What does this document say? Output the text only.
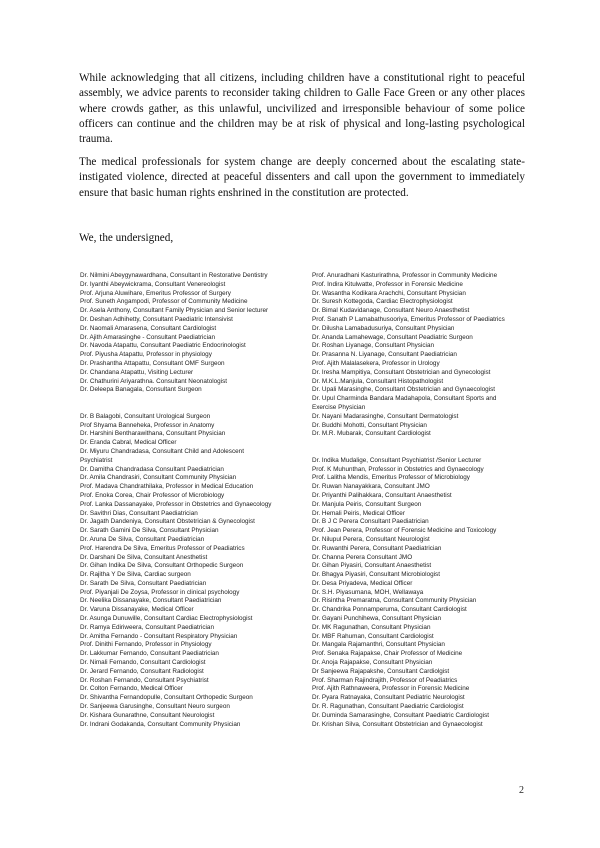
While acknowledging that all citizens, including children have a constitutional right to peaceful assembly, we advice parents to reconsider taking children to Galle Face Green or any other places where crowds gather, as this unlawful, uncivilized and irresponsible behaviour of some police officers can continue and the children may be at risk of physical and long-lasting psychological trauma.

The medical professionals for system change are deeply concerned about the escalating state-instigated violence, directed at peaceful dissenters and call upon the government to immediately ensure that basic human rights enshrined in the constitution are protected.

We, the undersigned,

Dr. Nilmini Abeygynawardhana, Consultant in Restorative Dentistry
Dr. Iyanthi Abeywickrama, Consultant Venereologist
Prof. Arjuna Aluwihare, Emeritus Professor of Surgery
Prof. Suneth Angampodi, Professor of Community Medicine
Dr. Asela Anthony, Consultant Family Physician and Senior lecturer
Dr. Deshan Adhihetty, Consultant Paediatric Intensivist
Dr. Naomali Amarasena, Consultant Cardiologist
Dr. Ajith Amarasinghe - Consultant Paediatrician
Dr. Navoda Atapattu, Consultant Paediatric Endocrinologist
Prof. Piyusha Atapattu, Professor in physiology
Dr. Prashantha Attapattu, Consultant OMF Surgeon
Dr. Chandana Atapattu, Visiting Lecturer
Dr. Chathurini Ariyarathna. Consultant Neonatologist
Dr. Deleepa Banagala, Consultant Surgeon
Dr. B Balagobi, Consultant Urological Surgeon
Prof Shyama Banneheka, Professor in Anatomy
Dr. Harshini Bentharawithana, Consultant Physician
Dr. Eranda Cabral, Medical Officer
Dr. Miyuru Chandradasa, Consultant Child and Adolescent
Psychiatrist
Dr. Damitha Chandradasa Consultant Paediatrician
Dr. Amila Chandrasiri, Consultant Community Physician
Prof. Madava Chandrathilaka, Professor in Medical Education
Prof. Enoka Corea, Chair Professor of Microbiology
Prof. Lanka Dassanayake, Professor in Obstetrics and Gynaecology
Dr. Savithri Dias, Consultant Paediatrician
Dr. Jagath Dandeniya, Consultant Obstetrician & Gynecologist
Dr. Sarath Gamini De Silva, Consultant Physician
Dr. Aruna De Silva, Consultant Paediatrician
Prof. Harendra De Silva, Emeritus Professor of Peadiatrics
Dr. Darshani De Silva, Consultant Anesthetist
Dr. Gihan Indika De Silva, Consultant Orthopedic Surgeon
Dr. Rajitha Y De Silva, Cardiac surgeon
Dr. Sarath De Silva, Consultant Paediatrician
Prof. Piyanjali De Zoysa, Professor in clinical psychology
Dr. Neelika Dissanayake, Consultant Paediatrician
Dr. Varuna Dissanayake, Medical Officer
Dr. Asunga Dunuwille, Consultant Cardiac Electrophysiologist
Dr. Ramya Ediriweera, Consultant Paediatrician
Dr. Amitha Fernando - Consultant Respiratory Physician
Prof. Dinithi Fernando, Professor in Physiology
Dr. Lakkumar Fernando, Consultant Paediatrician
Dr. Nimali Fernando, Consultant Cardiologist
Dr. Jerard Fernando, Consultant Radiologist
Dr. Roshan Fernando, Consultant Psychiatrist
Dr. Colton Fernando, Medical Officer
Dr. Shivantha Fernandopulle, Consultant Orthopedic Surgeon
Dr. Sanjeewa Garusinghe, Consultant Neuro surgeon
Dr. Kishara Gunarathne, Consultant Neurologist
Dr. Indrani Godakanda, Consultant Community Physician
Prof. Anuradhani Kasturirathna, Professor in Community Medicine
Prof. Indira Kitulwatte, Professor in Forensic Medicine
Dr. Wasantha Kodikara Arachchi, Consultant Physician
Dr. Suresh Kottegoda, Cardiac Electrophysiologist
Dr. Bimal Kudavidanage, Consultant Neuro Anaesthetist
Prof. Sanath P Lamabathusooriya, Emeritus Professor of Paediatrics
Dr. Dilusha Lamabadusuriya, Consultant Physician
Dr. Ananda Lamahewage, Consultant Peadiatric Surgeon
Dr. Roshan Liyanage, Consultant Physician
Dr. Prasanna N. Liyanage, Consultant Paediatrician
Prof. Ajith Malalasekera, Professor in Urology
Dr. Iresha Mampitiya, Consultant Obstetrician and Gynecologist
Dr. M.K.L.Manjula, Consultant Histopathologist
Dr. Upali Marasinghe, Consultant Obstetrician and Gynaecologist
Dr. Upul Charminda Bandara Madahapola, Consultant Sports and
Exercise Physician
Dr. Nayani Madarasinghe, Consultant Dermatologist
Dr. Buddhi Mohotti, Consultant Physician
Dr. M.R. Mubarak, Consultant Cardiologist
Dr. Indika Mudalige, Consultant Psychiatrist /Senior Lecturer
Prof. K Muhunthan, Professor in Obstetrics and Gynaecology
Prof. Lalitha Mendis, Emeritus Professor of Microbiology
Dr. Ruwan Nanayakkara, Consultant JMO
Dr. Priyanthi Palihakkara, Consultant Anaesthetist
Dr. Manjula Peiris, Consultant Surgeon
Dr. Hemali Peiris, Medical Officer
Dr. B J C Perera Consultant Paediatrician
Prof. Jean Perera, Professor of Forensic Medicine and Toxicology
Dr. Nilupul Perera, Consultant Neurologist
Dr. Ruwanthi Perera, Consultant Paediatrician
Dr. Channa Perera Consultant JMO
Dr. Gihan Piyasiri, Consultant Anaesthetist
Dr. Bhagya Piyasiri, Consultant Microbiologist
Dr. Desa Priyadeva, Medical Officer
Dr. S.H. Piyasumana, MOH, Wellawaya
Dr. Risintha Premaratna, Consultant Community Physician
Dr. Chandrika Ponnamperuma, Consultant Cardiologist
Dr. Gayani Punchihewa, Consultant Physician
Dr. MK Ragunathan, Consultant Physician
Dr. MBF Rahuman, Consultant Cardiologist
Dr. Mangala Rajamanthri, Consultant Physician
Prof. Senaka Rajapakse, Chair Professor of Medicine
Dr. Anoja Rajapakse, Consultant Physician
Dr Sanjeewa Rajapakshe, Consultant Cardiolgist
Prof. Sharman Rajindrajith, Professor of Peadiatrics
Prof. Ajith Rathnaweera, Professor in Forensic Medicine
Dr. Pyara Ratnayaka, Consultant Pediatric Neurologist
Dr. R. Ragunathan, Consultant Paediatric Cardiologist
Dr. Duminda Samarasinghe, Consultant Paediatric Cardiologist
Dr. Krishan Silva, Consultant Obstetrician and Gynaecologist
2
